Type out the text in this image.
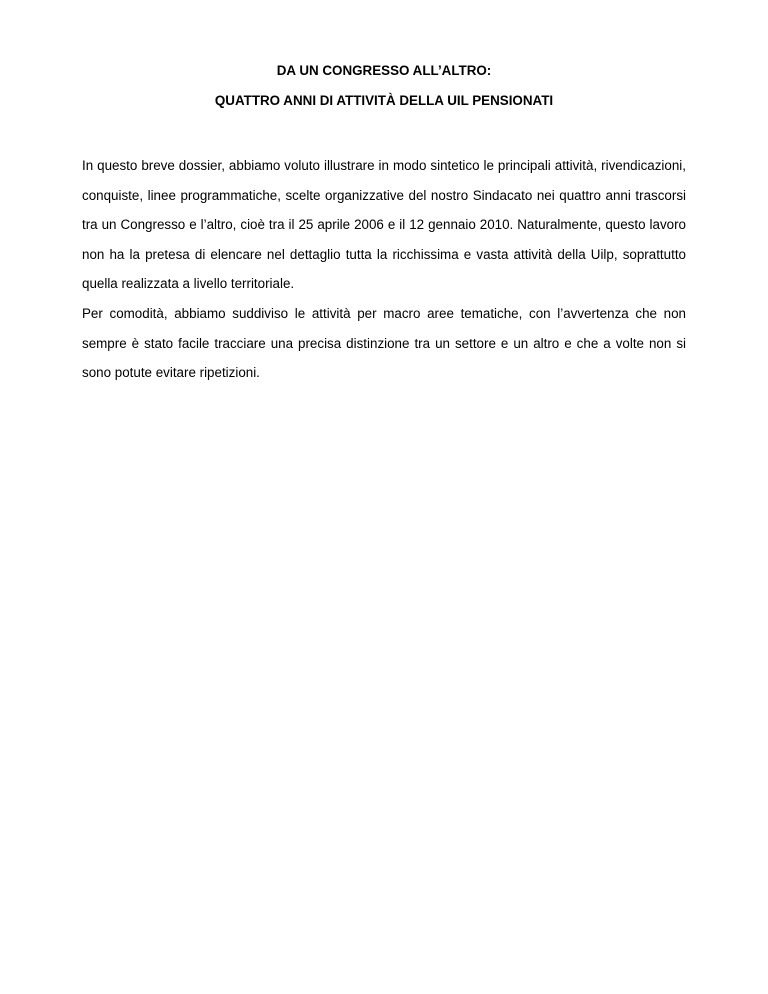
DA UN CONGRESSO ALL’ALTRO:
QUATTRO ANNI DI ATTIVITÀ DELLA UIL PENSIONATI

In questo breve dossier, abbiamo voluto illustrare in modo sintetico le principali attività, rivendicazioni, conquiste, linee programmatiche, scelte organizzative del nostro Sindacato nei quattro anni trascorsi tra un Congresso e l’altro, cioè tra il 25 aprile 2006 e il 12 gennaio 2010. Naturalmente, questo lavoro non ha la pretesa di elencare nel dettaglio tutta la ricchissima e vasta attività della Uilp, soprattutto quella realizzata a livello territoriale.

Per comodità, abbiamo suddiviso le attività per macro aree tematiche, con l’avvertenza che non sempre è stato facile tracciare una precisa distinzione tra un settore e un altro e che a volte non si sono potute evitare ripetizioni.
